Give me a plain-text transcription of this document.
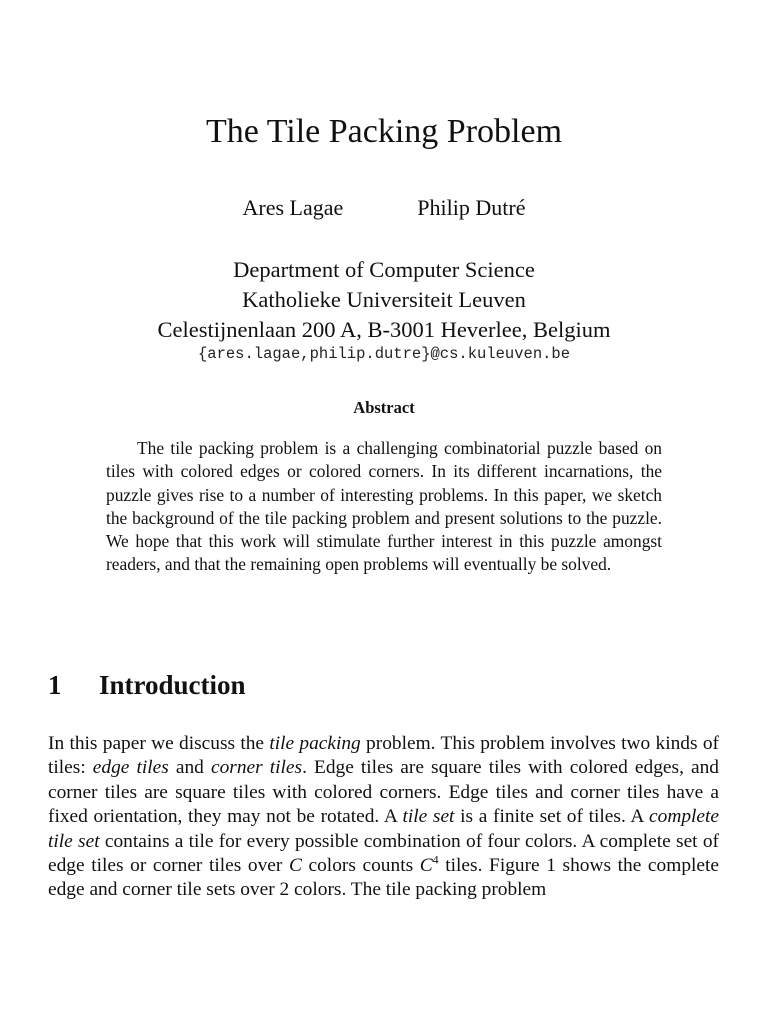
The Tile Packing Problem
Ares Lagae	Philip Dutré
Department of Computer Science
Katholieke Universiteit Leuven
Celestijnenlaan 200 A, B-3001 Heverlee, Belgium
{ares.lagae,philip.dutre}@cs.kuleuven.be
Abstract

The tile packing problem is a challenging combinatorial puzzle based on tiles with colored edges or colored corners. In its different incarnations, the puzzle gives rise to a number of interesting problems. In this paper, we sketch the background of the tile packing problem and present solutions to the puzzle. We hope that this work will stimulate further interest in this puzzle amongst readers, and that the remaining open problems will eventually be solved.

1 Introduction

In this paper we discuss the tile packing problem. This problem involves two kinds of tiles: edge tiles and corner tiles. Edge tiles are square tiles with colored edges, and corner tiles are square tiles with colored corners. Edge tiles and corner tiles have a fixed orientation, they may not be rotated. A tile set is a finite set of tiles. A complete tile set contains a tile for every possible combination of four colors. A complete set of edge tiles or corner tiles over C colors counts $C^4$ tiles. Figure 1 shows the complete edge and corner tile sets over 2 colors. The tile packing problem
